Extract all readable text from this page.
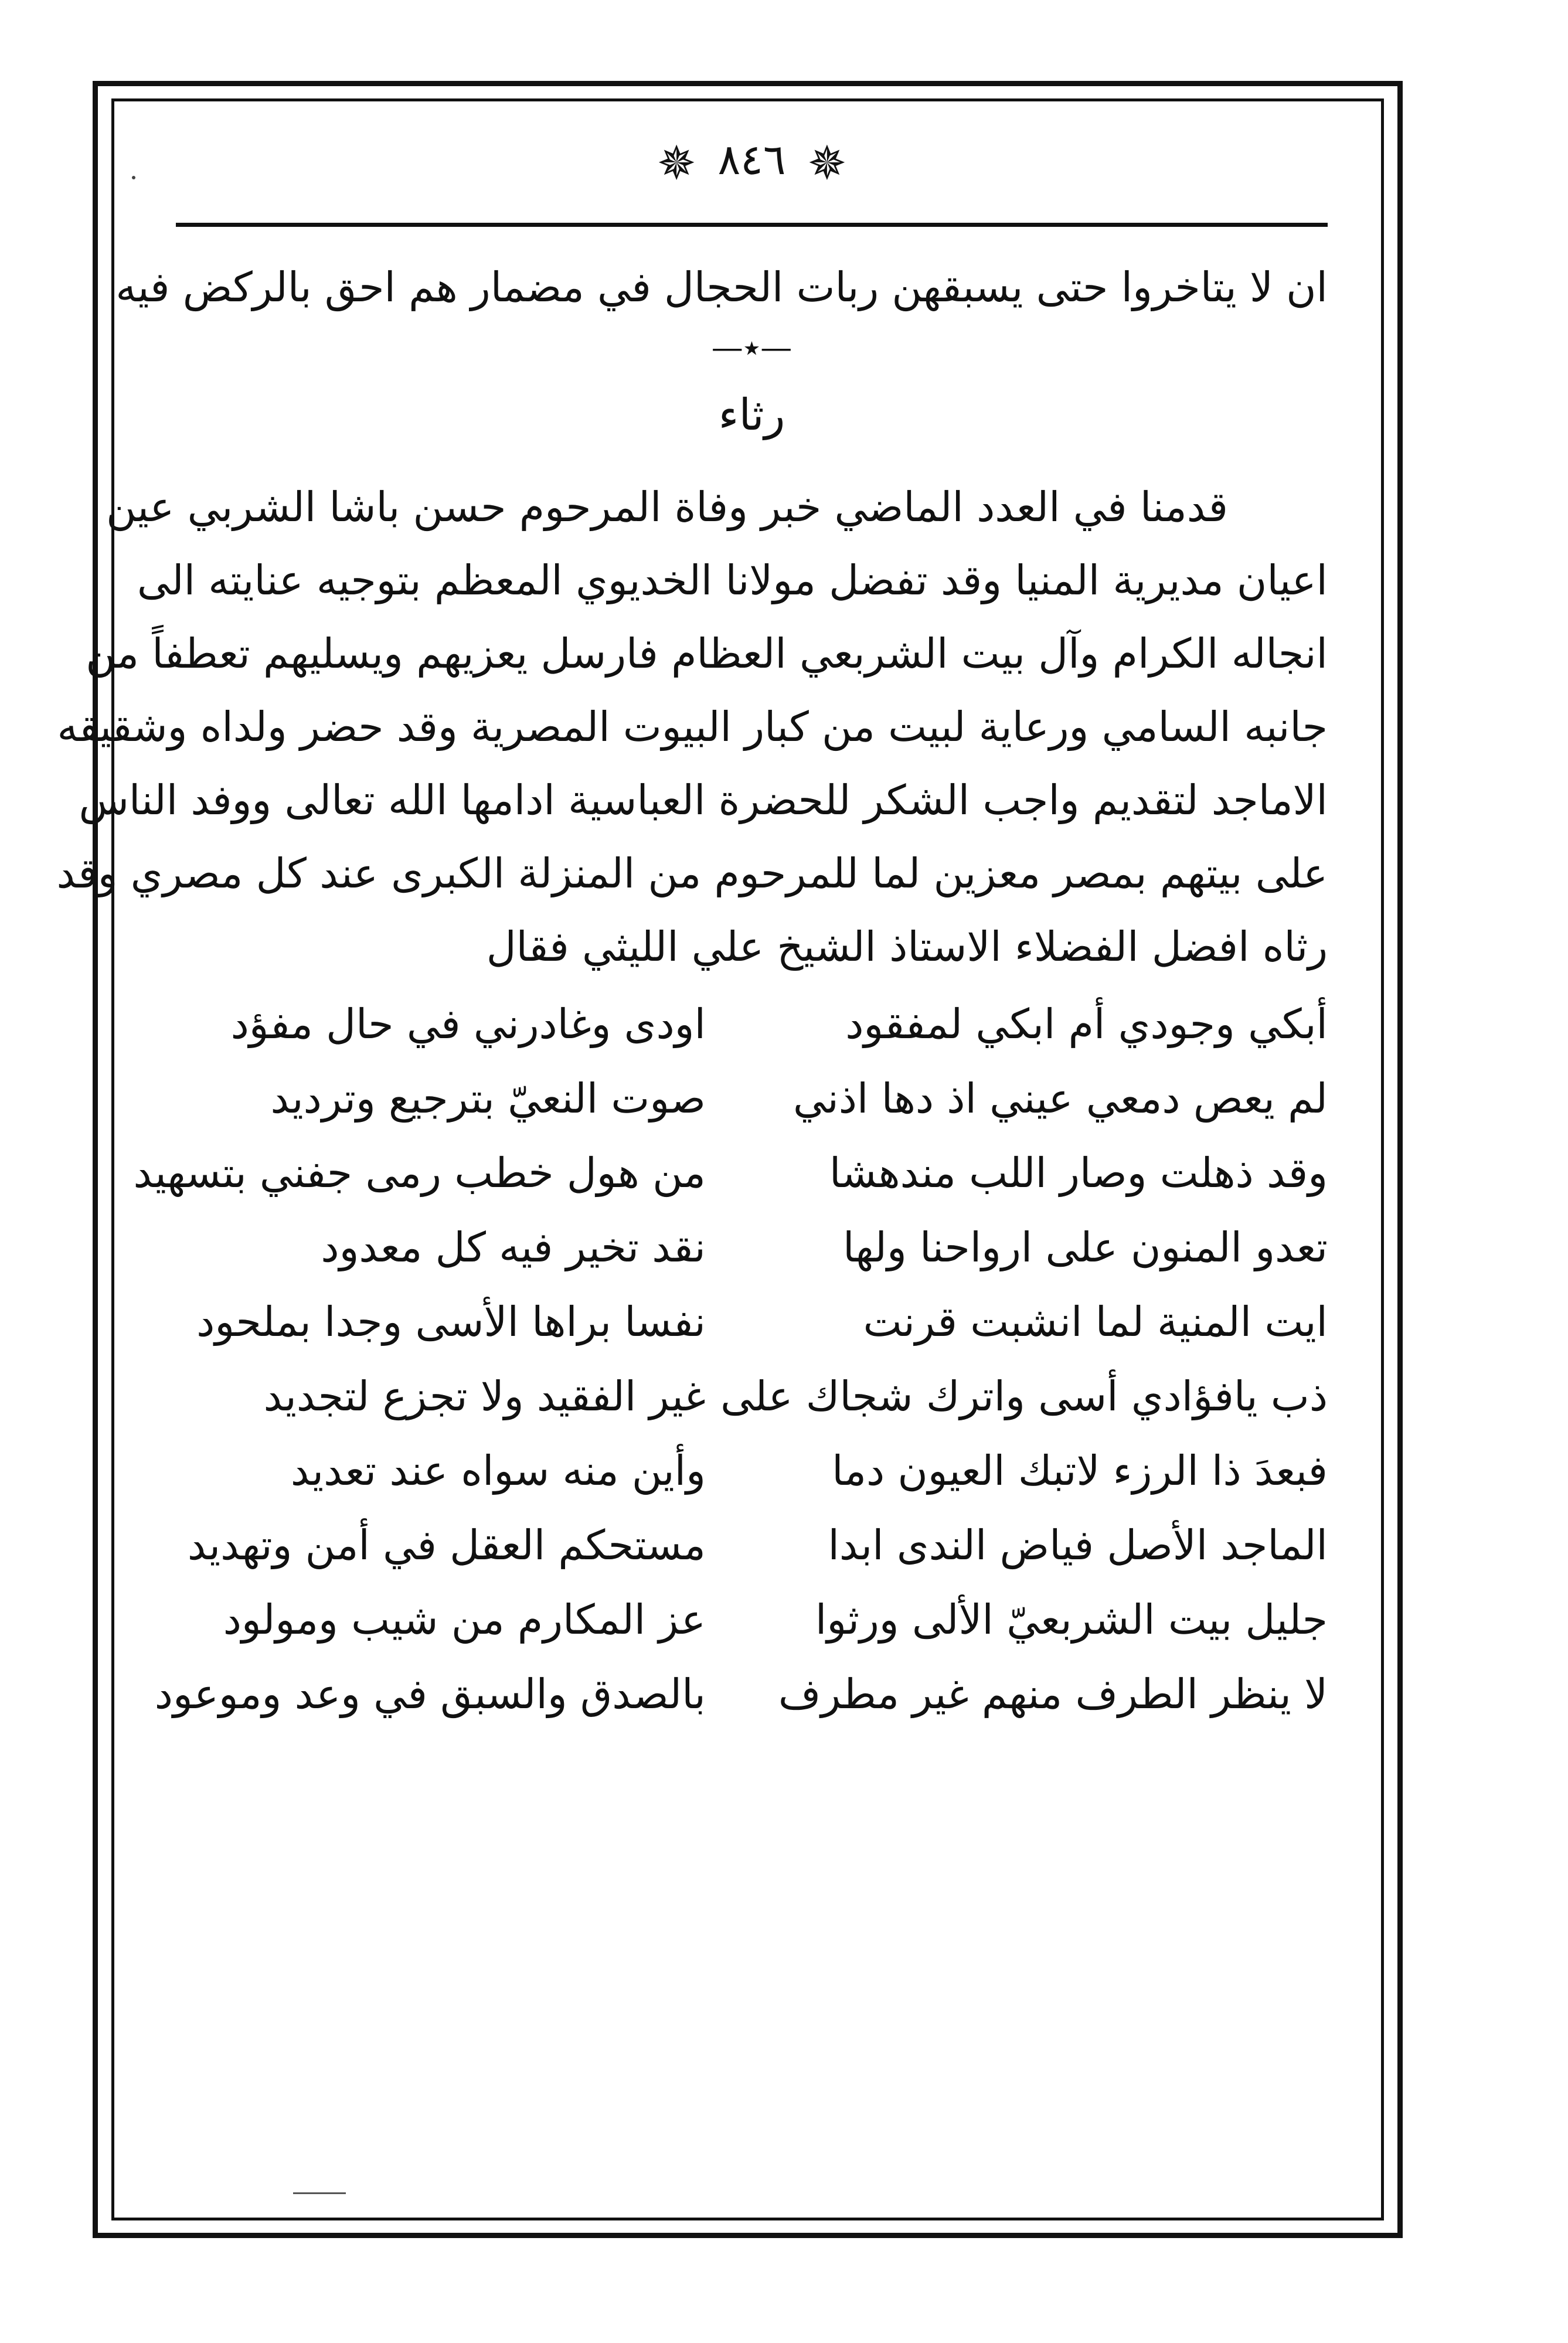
✵ ٨٤٦ ✵
ان لا يتاخروا حتى يسبقهن ربات الحجال في مضمار هم احق بالركض فيه
—٭—
رثاء
قدمنا في العدد الماضي خبر وفاة المرحوم حسن باشا الشربي عين
اعيان مديرية المنيا وقد تفضل مولانا الخديوي المعظم بتوجيه عنايته الى
انجاله الكرام وآل بيت الشربعي العظام فارسل يعزيهم ويسليهم تعطفاً من
جانبه السامي ورعاية لبيت من كبار البيوت المصرية وقد حضر ولداه وشقيقه
الاماجد لتقديم واجب الشكر للحضرة العباسية ادامها الله تعالى ووفد الناس
على بيتهم بمصر معزين لما للمرحوم من المنزلة الكبرى عند كل مصري وقد
رثاه افضل الفضلاء الاستاذ الشيخ علي الليثي فقال
أبكي وجودي أم ابكي لمفقود
اودى وغادرني في حال مفؤد
لم يعص دمعي عيني اذ دها اذني
صوت النعيّ بترجيع وترديد
وقد ذهلت وصار اللب مندهشا
من هول خطب رمى جفني بتسهيد
تعدو المنون على ارواحنا ولها
نقد تخير فيه كل معدود
ايت المنية لما انشبت قرنت
نفسا براها الأسى وجدا بملحود
ذب يافؤادي أسى واترك شجاك على
غير الفقيد ولا تجزع لتجديد
فبعدَ ذا الرزء لاتبك العيون دما
وأين منه سواه عند تعديد
الماجد الأصل فياض الندى ابدا
مستحكم العقل في أمن وتهديد
جليل بيت الشربعيّ الألى ورثوا
عز المكارم من شيب ومولود
لا ينظر الطرف منهم غير مطرف
بالصدق والسبق في وعد وموعود
